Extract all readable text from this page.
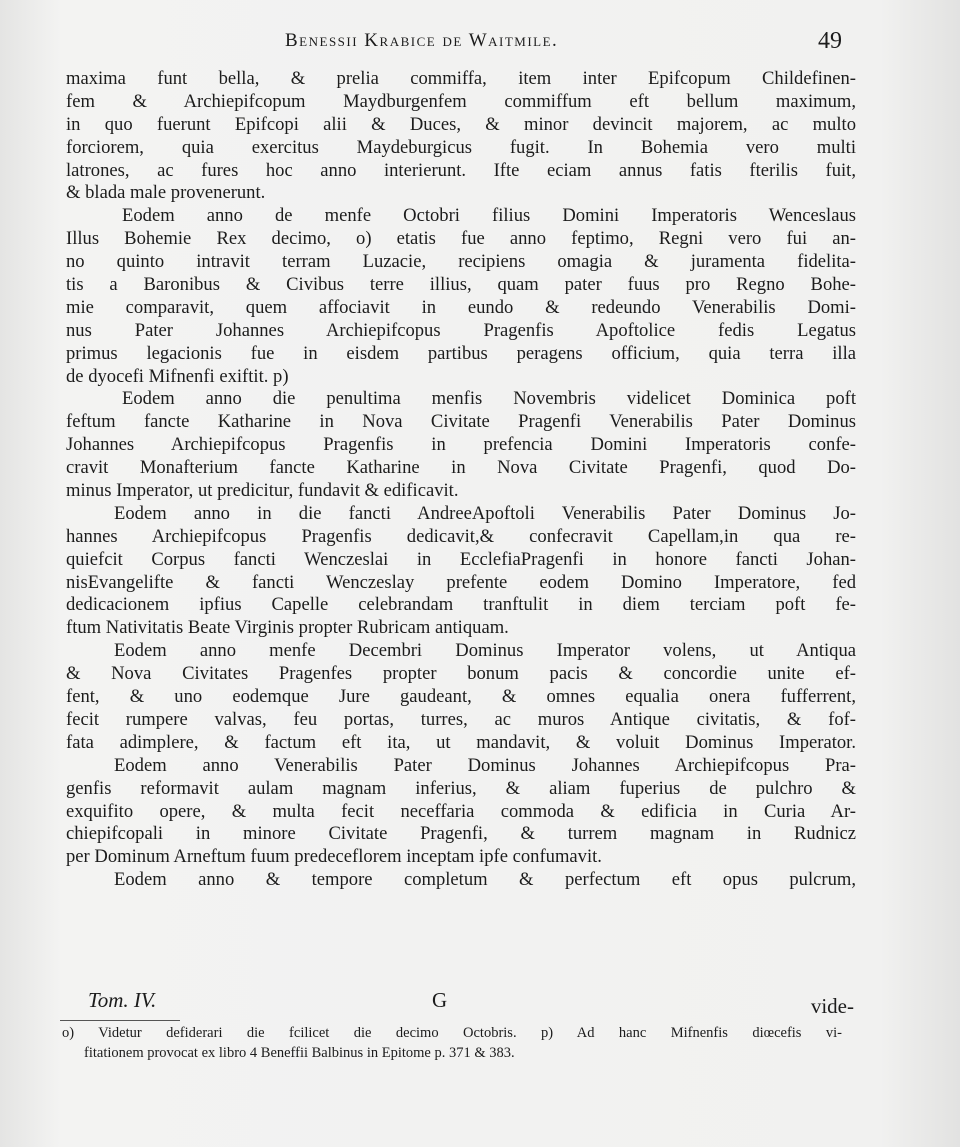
Benessii Krabice de Waitmile.	49
maxima funt bella, & prelia commiffa, item inter Epifcopum Childefinen-
fem & Archiepifcopum Maydburgenfem commiffum eft bellum maximum,
in quo fuerunt Epifcopi alii & Duces, & minor devincit majorem, ac multo
forciorem, quia exercitus Maydeburgicus fugit. In Bohemia vero multi
latrones, ac fures hoc anno interierunt. Ifte eciam annus fatis fterilis fuit,
& blada male provenerunt.
Eodem anno de menfe Octobri filius Domini Imperatoris Wenceslaus
Illus Bohemie Rex decimo, o) etatis fue anno feptimo, Regni vero fui an-
no quinto intravit terram Luzacie, recipiens omagia & juramenta fidelita-
tis a Baronibus & Civibus terre illius, quam pater fuus pro Regno Bohe-
mie comparavit, quem affociavit in eundo & redeundo Venerabilis Domi-
nus Pater Johannes Archiepifcopus Pragenfis Apoftolice fedis Legatus
primus legacionis fue in eisdem partibus peragens officium, quia terra illa
de dyocefi Mifnenfi exiftit. p)
Eodem anno die penultima menfis Novembris videlicet Dominica poft
feftum fancte Katharine in Nova Civitate Pragenfi Venerabilis Pater Dominus
Johannes Archiepifcopus Pragenfis in prefencia Domini Imperatoris confe-
cravit Monafterium fancte Katharine in Nova Civitate Pragenfi, quod Do-
minus Imperator, ut predicitur, fundavit & edificavit.
Eodem anno in die fancti AndreeApoftoli Venerabilis Pater Dominus Jo-
hannes Archiepifcopus Pragenfis dedicavit,& confecravit Capellam,in qua re-
quiefcit Corpus fancti Wenczeslai in EcclefiaPragenfi in honore fancti Johan-
nisEvangelifte & fancti Wenczeslay prefente eodem Domino Imperatore, fed
dedicacionem ipfius Capelle celebrandam tranftulit in diem terciam poft fe-
ftum Nativitatis Beate Virginis propter Rubricam antiquam.
Eodem anno menfe Decembri Dominus Imperator volens, ut Antiqua
& Nova Civitates Pragenfes propter bonum pacis & concordie unite ef-
fent, & uno eodemque Jure gaudeant, & omnes equalia onera fufferrent,
fecit rumpere valvas, feu portas, turres, ac muros Antique civitatis, & fof-
fata adimplere, & factum eft ita, ut mandavit, & voluit Dominus Imperator.
Eodem anno Venerabilis Pater Dominus Johannes Archiepifcopus Pra-
genfis reformavit aulam magnam inferius, & aliam fuperius de pulchro &
exquifito opere, & multa fecit neceffaria commoda & edificia in Curia Ar-
chiepifcopali in minore Civitate Pragenfi, & turrem magnam in Rudnicz
per Dominum Arneftum fuum predeceflorem inceptam ipfe confumavit.
Eodem anno & tempore completum & perfectum eft opus pulcrum,
Tom. IV.	G	vide-
o) Videtur defiderari die fcilicet die decimo Octobris. p) Ad hanc Mifnenfis diœcefis vi-
fitationem provocat ex libro 4 Beneffii Balbinus in Epitome p. 371 & 383.
